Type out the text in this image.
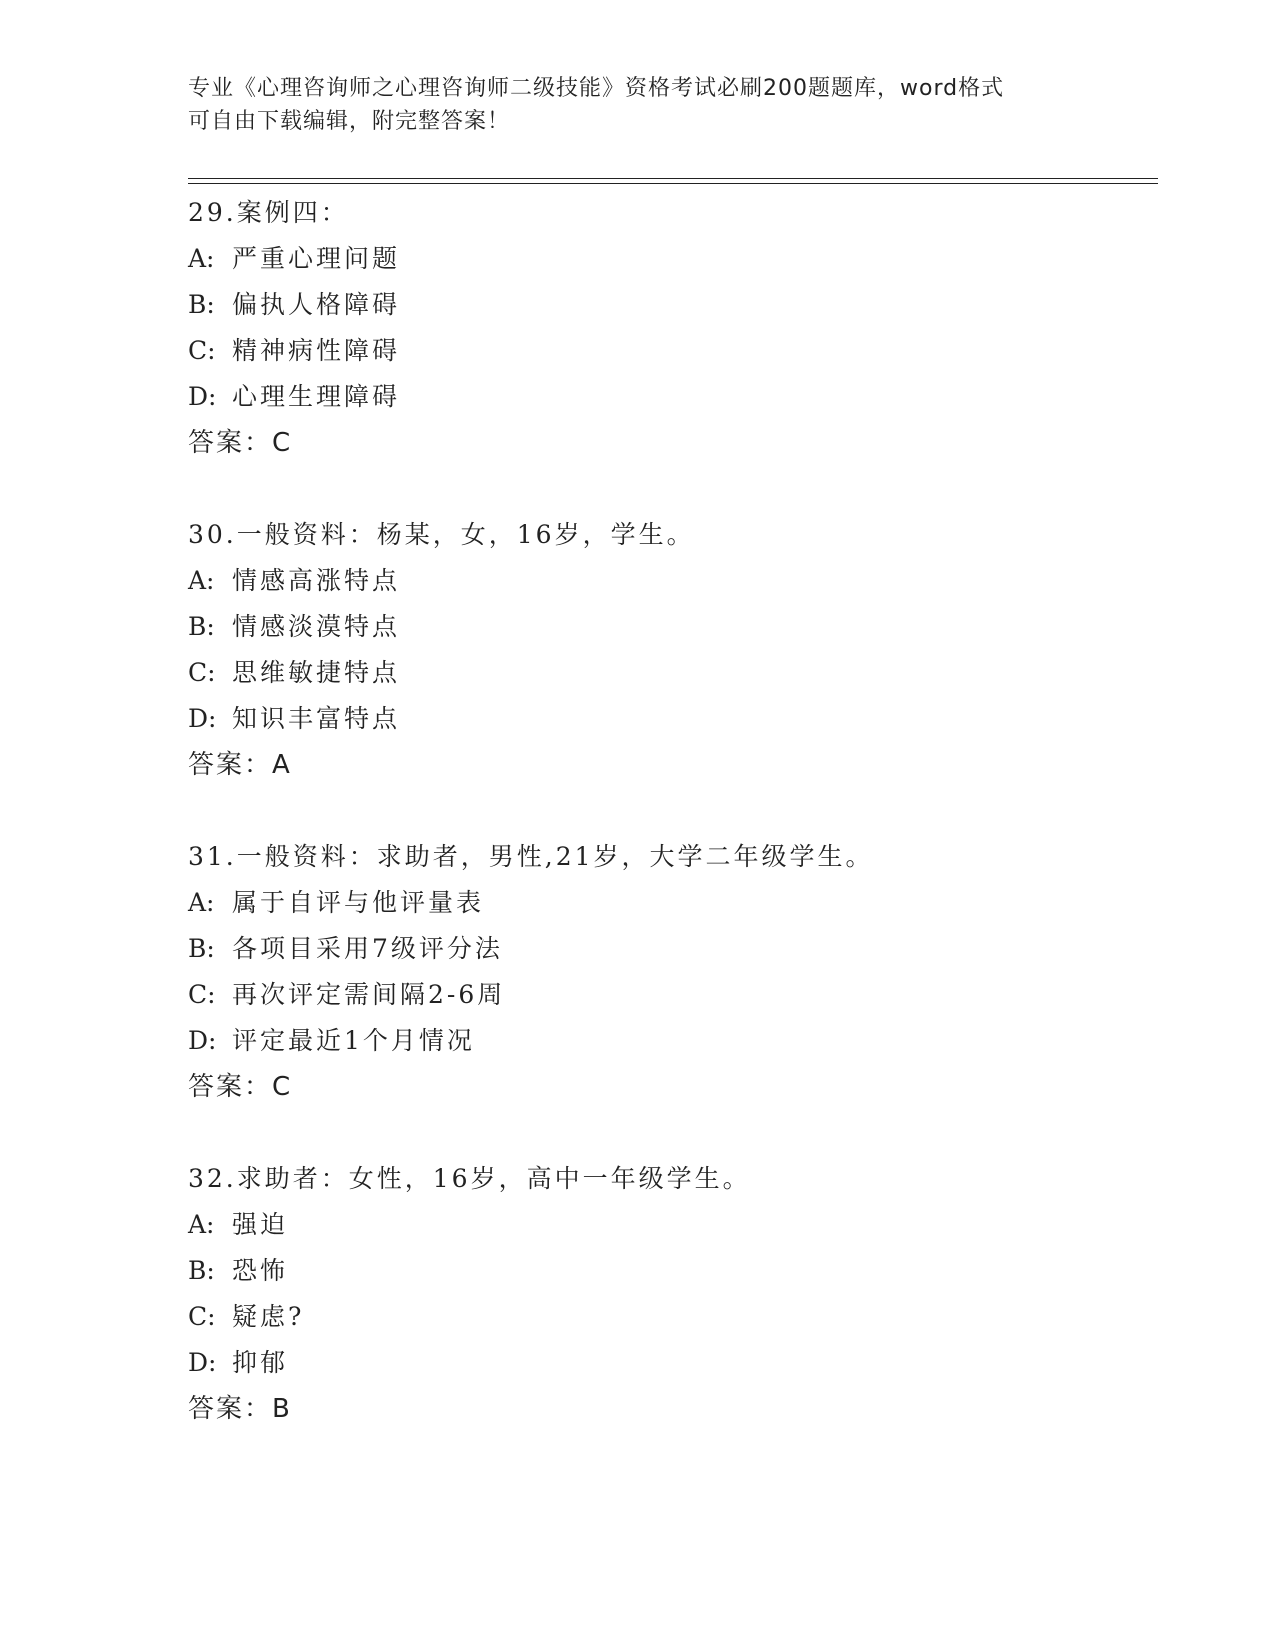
专业《心理咨询师之心理咨询师二级技能》资格考试必刷200题题库，word格式
可自由下载编辑，附完整答案！
29.案例四：
A: 严重心理问题
B: 偏执人格障碍
C: 精神病性障碍
D: 心理生理障碍
答案：C
30.一般资料：杨某，女，16岁，学生。
A: 情感高涨特点
B: 情感淡漠特点
C: 思维敏捷特点
D: 知识丰富特点
答案：A
31.一般资料：求助者，男性,21岁，大学二年级学生。
A: 属于自评与他评量表
B: 各项目采用7级评分法
C: 再次评定需间隔2-6周
D: 评定最近1个月情况
答案：C
32.求助者：女性，16岁，高中一年级学生。
A: 强迫
B: 恐怖
C: 疑虑?
D: 抑郁
答案：B
